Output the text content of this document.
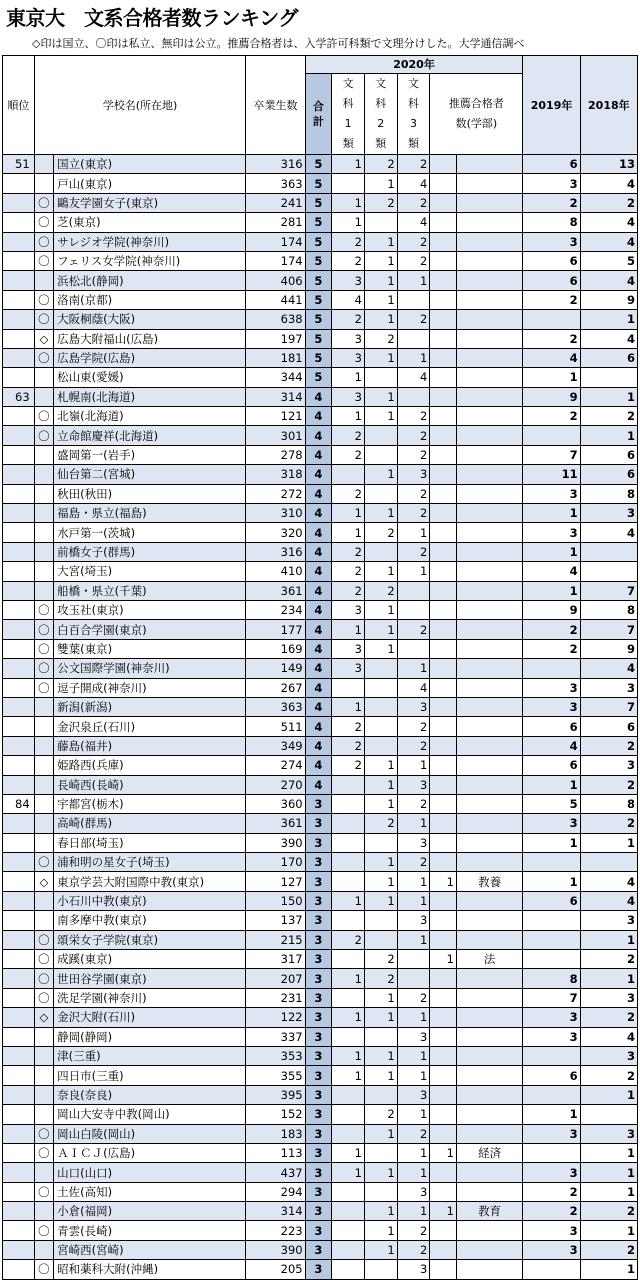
東京大　文系合格者数ランキング
◇印は国立、〇印は私立、無印は公立。推薦合格者は、入学許可科類で文理分けした。大学通信調べ
順位	学校名(所在地)		卒業生数	2020年						2019年	2018年
				合計	文科1類	文科2類	文科3類	推薦合格者数(学部)			
51		国立(東京)	316	5	1	2	2			6	13
		戸山(東京)	363	5		1	4			3	4
	〇	鷗友学園女子(東京)	241	5	1	2	2			2	2
	〇	芝(東京)	281	5	1		4			8	4
	〇	サレジオ学院(神奈川)	174	5	2	1	2			3	4
	〇	フェリス女学院(神奈川)	174	5	2	1	2			6	5
		浜松北(静岡)	406	5	3	1	1			6	4
	〇	洛南(京都)	441	5	4	1				2	9
	〇	大阪桐蔭(大阪)	638	5	2	1	2				1
	◇	広島大附福山(広島)	197	5	3	2				2	4
	〇	広島学院(広島)	181	5	3	1	1			4	6
		松山東(愛媛)	344	5	1		4			1	
63		札幌南(北海道)	314	4	3	1				9	1
	〇	北嶺(北海道)	121	4	1	1	2			2	2
	〇	立命館慶祥(北海道)	301	4	2		2				1
		盛岡第一(岩手)	278	4	2		2			7	6
		仙台第二(宮城)	318	4		1	3			11	6
		秋田(秋田)	272	4	2		2			3	8
		福島・県立(福島)	310	4	1	1	2			1	3
		水戸第一(茨城)	320	4	1	2	1			3	4
		前橋女子(群馬)	316	4	2		2			1	
		大宮(埼玉)	410	4	2	1	1			4	
		船橋・県立(千葉)	361	4	2	2				1	7
	〇	攻玉社(東京)	234	4	3	1				9	8
	〇	白百合学園(東京)	177	4	1	1	2			2	7
	〇	雙葉(東京)	169	4	3	1				2	9
	〇	公文国際学園(神奈川)	149	4	3		1				4
	〇	逗子開成(神奈川)	267	4			4			3	3
		新潟(新潟)	363	4	1		3			3	7
		金沢泉丘(石川)	511	4	2		2			6	6
		藤島(福井)	349	4	2		2			4	2
		姫路西(兵庫)	274	4	2	1	1			6	3
		長崎西(長崎)	270	4		1	3			1	2
84		宇都宮(栃木)	360	3		1	2			5	8
		高崎(群馬)	361	3		2	1			3	2
		春日部(埼玉)	390	3			3			1	1
	〇	浦和明の星女子(埼玉)	170	3		1	2				
	◇	東京学芸大附国際中教(東京)	127	3		1	1	1	教養	1	4
		小石川中教(東京)	150	3	1	1	1			6	4
		南多摩中教(東京)	137	3			3				3
	〇	頌栄女子学院(東京)	215	3	2		1				1
	〇	成蹊(東京)	317	3		2		1	法		2
	〇	世田谷学園(東京)	207	3	1	2				8	1
	〇	洗足学園(神奈川)	231	3		1	2			7	3
	◇	金沢大附(石川)	122	3	1	1	1			3	2
		静岡(静岡)	337	3			3			3	4
		津(三重)	353	3	1	1	1				3
		四日市(三重)	355	3	1	1	1			6	2
		奈良(奈良)	395	3			3				1
		岡山大安寺中教(岡山)	152	3		2	1			1	
	〇	岡山白陵(岡山)	183	3		1	2			3	3
	〇	ＡＩＣＪ(広島)	113	3	1		1	1	経済		1
		山口(山口)	437	3	1	1	1			3	1
	〇	土佐(高知)	294	3			3			2	1
		小倉(福岡)	314	3		1	1	1	教育	2	2
	〇	青雲(長崎)	223	3		1	2			3	1
		宮崎西(宮崎)	390	3		1	2			3	2
	〇	昭和薬科大附(沖縄)	205	3			3				1
